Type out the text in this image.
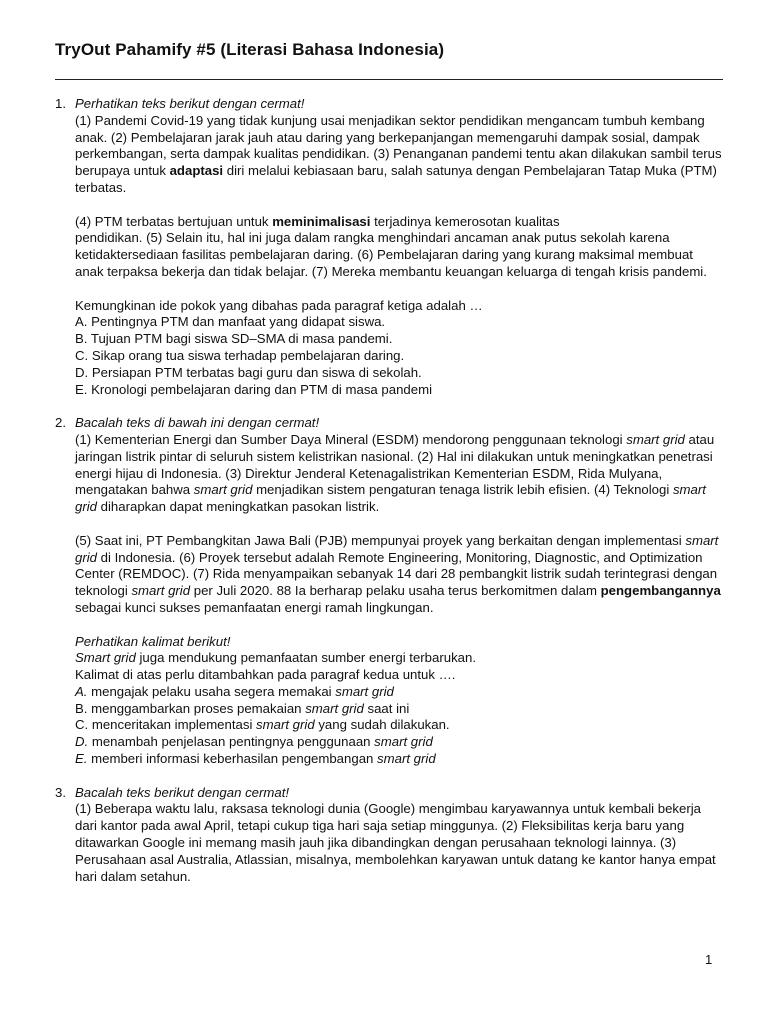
TryOut Pahamify #5 (Literasi Bahasa Indonesia)
1. Perhatikan teks berikut dengan cermat!

(1) Pandemi Covid-19 yang tidak kunjung usai menjadikan sektor pendidikan mengancam tumbuh kembang anak. (2) Pembelajaran jarak jauh atau daring yang berkepanjangan memengaruhi dampak sosial, dampak perkembangan, serta dampak kualitas pendidikan. (3) Penanganan pandemi tentu akan dilakukan sambil terus berupaya untuk adaptasi diri melalui kebiasaan baru, salah satunya dengan Pembelajaran Tatap Muka (PTM) terbatas.

(4) PTM terbatas bertujuan untuk meminimalisasi terjadinya kemerosotan kualitas
pendidikan. (5) Selain itu, hal ini juga dalam rangka menghindari ancaman anak putus sekolah karena ketidaktersediaan fasilitas pembelajaran daring. (6) Pembelajaran daring yang kurang maksimal membuat anak terpaksa bekerja dan tidak belajar. (7) Mereka membantu keuangan keluarga di tengah krisis pandemi.

Kemungkinan ide pokok yang dibahas pada paragraf ketiga adalah …

A. Pentingnya PTM dan manfaat yang didapat siswa.
B. Tujuan PTM bagi siswa SD–SMA di masa pandemi.
C. Sikap orang tua siswa terhadap pembelajaran daring.
D. Persiapan PTM terbatas bagi guru dan siswa di sekolah.
E. Kronologi pembelajaran daring dan PTM di masa pandemi
2. Bacalah teks di bawah ini dengan cermat!

(1) Kementerian Energi dan Sumber Daya Mineral (ESDM) mendorong penggunaan teknologi smart grid atau jaringan listrik pintar di seluruh sistem kelistrikan nasional. (2) Hal ini dilakukan untuk meningkatkan penetrasi energi hijau di Indonesia. (3) Direktur Jenderal Ketenagalistrikan Kementerian ESDM, Rida Mulyana, mengatakan bahwa smart grid menjadikan sistem pengaturan tenaga listrik lebih efisien. (4) Teknologi smart grid diharapkan dapat meningkatkan pasokan listrik.

(5) Saat ini, PT Pembangkitan Jawa Bali (PJB) mempunyai proyek yang berkaitan dengan implementasi smart grid di Indonesia. (6) Proyek tersebut adalah Remote Engineering, Monitoring, Diagnostic, and Optimization Center (REMDOC). (7) Rida menyampaikan sebanyak 14 dari 28 pembangkit listrik sudah terintegrasi dengan teknologi smart grid per Juli 2020. 88 Ia berharap pelaku usaha terus berkomitmen dalam pengembangannya sebagai kunci sukses pemanfaatan energi ramah lingkungan.

Perhatikan kalimat berikut!
Smart grid juga mendukung pemanfaatan sumber energi terbarukan.
Kalimat di atas perlu ditambahkan pada paragraf kedua untuk ….
A. mengajak pelaku usaha segera memakai smart grid
B. menggambarkan proses pemakaian smart grid saat ini
C. menceritakan implementasi smart grid yang sudah dilakukan.
D. menambah penjelasan pentingnya penggunaan smart grid
E. memberi informasi keberhasilan pengembangan smart grid
3. Bacalah teks berikut dengan cermat!

(1) Beberapa waktu lalu, raksasa teknologi dunia (Google) mengimbau karyawannya untuk kembali bekerja dari kantor pada awal April, tetapi cukup tiga hari saja setiap minggunya. (2) Fleksibilitas kerja baru yang ditawarkan Google ini memang masih jauh jika dibandingkan dengan perusahaan teknologi lainnya. (3) Perusahaan asal Australia, Atlassian, misalnya, membolehkan karyawan untuk datang ke kantor hanya empat hari dalam setahun.

1
